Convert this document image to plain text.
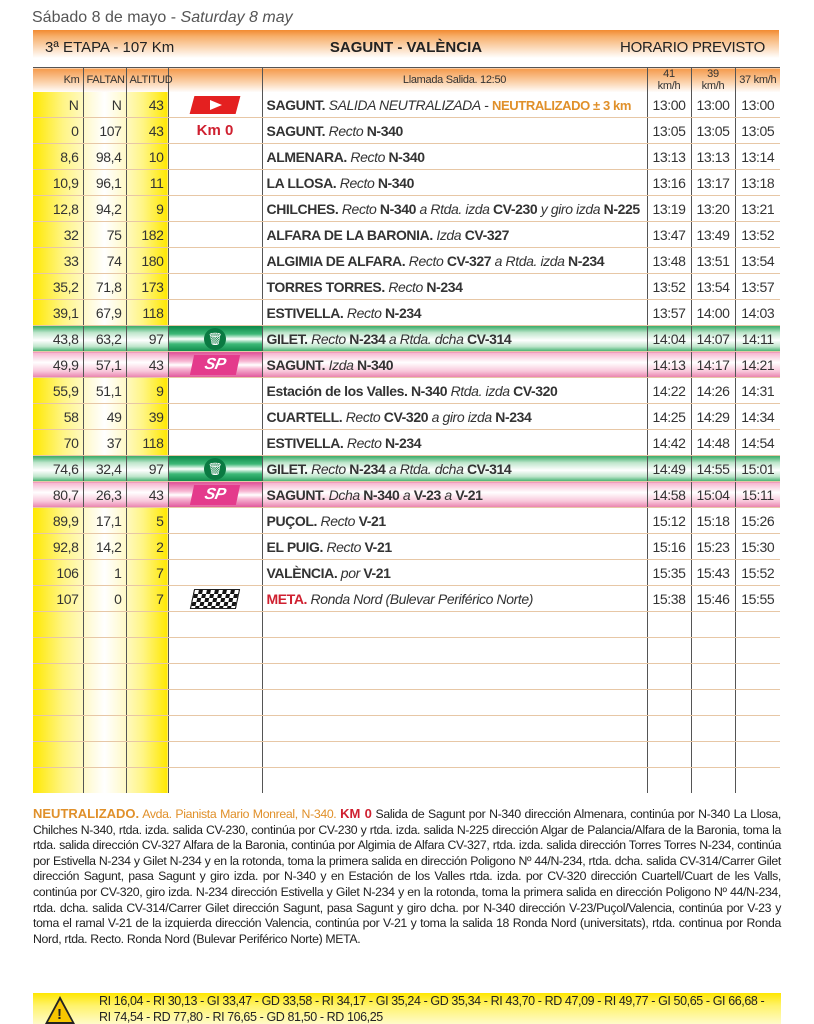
Sábado 8 de mayo - Saturday 8 may
3ª ETAPA - 107 Km	SAGUNT - VALÈNCIA	HORARIO PREVISTO
Km	FALTAN	ALTITUD		Llamada Salida. 12:50	41 km/h	39 km/h	37 km/h
N	N	43		SAGUNT. SALIDA NEUTRALIZADA - NEUTRALIZADO ± 3 km	13:00	13:00	13:00
0	107	43	Km 0	SAGUNT. Recto N-340	13:05	13:05	13:05
8,6	98,4	10		ALMENARA. Recto N-340	13:13	13:13	13:14
10,9	96,1	11		LA LLOSA. Recto N-340	13:16	13:17	13:18
12,8	94,2	9		CHILCHES. Recto N-340 a Rtda. izda CV-230 y giro izda N-225	13:19	13:20	13:21
32	75	182		ALFARA DE LA BARONIA. Izda CV-327	13:47	13:49	13:52
33	74	180		ALGIMIA DE ALFARA. Recto CV-327 a Rtda. izda N-234	13:48	13:51	13:54
35,2	71,8	173		TORRES TORRES. Recto N-234	13:52	13:54	13:57
39,1	67,9	118		ESTIVELLA. Recto N-234	13:57	14:00	14:03
43,8	63,2	97	🗑	GILET. Recto N-234 a Rtda. dcha CV-314	14:04	14:07	14:11
49,9	57,1	43	SP	SAGUNT. Izda N-340	14:13	14:17	14:21
55,9	51,1	9		Estación de los Valles. N-340 Rtda. izda CV-320	14:22	14:26	14:31
58	49	39		CUARTELL. Recto CV-320 a giro izda N-234	14:25	14:29	14:34
70	37	118		ESTIVELLA. Recto N-234	14:42	14:48	14:54
74,6	32,4	97	🗑	GILET. Recto N-234 a Rtda. dcha CV-314	14:49	14:55	15:01
80,7	26,3	43	SP	SAGUNT. Dcha N-340 a V-23 a V-21	14:58	15:04	15:11
89,9	17,1	5		PUÇOL. Recto V-21	15:12	15:18	15:26
92,8	14,2	2		EL PUIG. Recto V-21	15:16	15:23	15:30
106	1	7		VALÈNCIA. por V-21	15:35	15:43	15:52
107	0	7		META. Ronda Nord (Bulevar Periférico Norte)	15:38	15:46	15:55

NEUTRALIZADO. Avda. Pianista Mario Monreal, N-340. KM 0 Salida de Sagunt por N-340 dirección Almenara, continúa por N-340 La Llosa, Chilches N-340, rtda. izda. salida CV-230, continúa por CV-230 y rtda. izda. salida N-225 dirección Algar de Palancia/Alfara de la Baronia, toma la rtda. salida dirección CV-327 Alfara de la Baronia, continúa por Algimia de Alfara CV-327, rtda. izda. salida dirección Torres Torres N-234, continúa por Estivella N-234 y Gilet N-234 y en la rotonda, toma la primera salida en dirección Poligono Nº 44/N-234, rtda. dcha. salida CV-314/Carrer Gilet dirección Sagunt, pasa Sagunt y giro izda. por N-340 y en Estación de los Valles rtda. izda. por CV-320 dirección Cuartell/Cuart de les Valls, continúa por CV-320, giro izda. N-234 dirección Estivella y Gilet N-234 y en la rotonda, toma la primera salida en dirección Poligono Nº 44/N-234, rtda. dcha. salida CV-314/Carrer Gilet dirección Sagunt, pasa Sagunt y giro dcha. por N-340 dirección V-23/Puçol/Valencia, continúa por V-23 y toma el ramal V-21 de la izquierda dirección Valencia, continúa por V-21 y toma la salida 18 Ronda Nord (universitats), rtda. continua por Ronda Nord, rtda. Recto. Ronda Nord (Bulevar Periférico Norte) META.
!
RI 16,04 - RI 30,13 - GI 33,47 - GD 33,58 - RI 34,17 - GI 35,24 - GD 35,34 - RI 43,70 - RD 47,09 - RI 49,77 - GI 50,65 - GI 66,68 - RI 74,54 - RD 77,80 - RI 76,65 - GD 81,50 - RD 106,25
